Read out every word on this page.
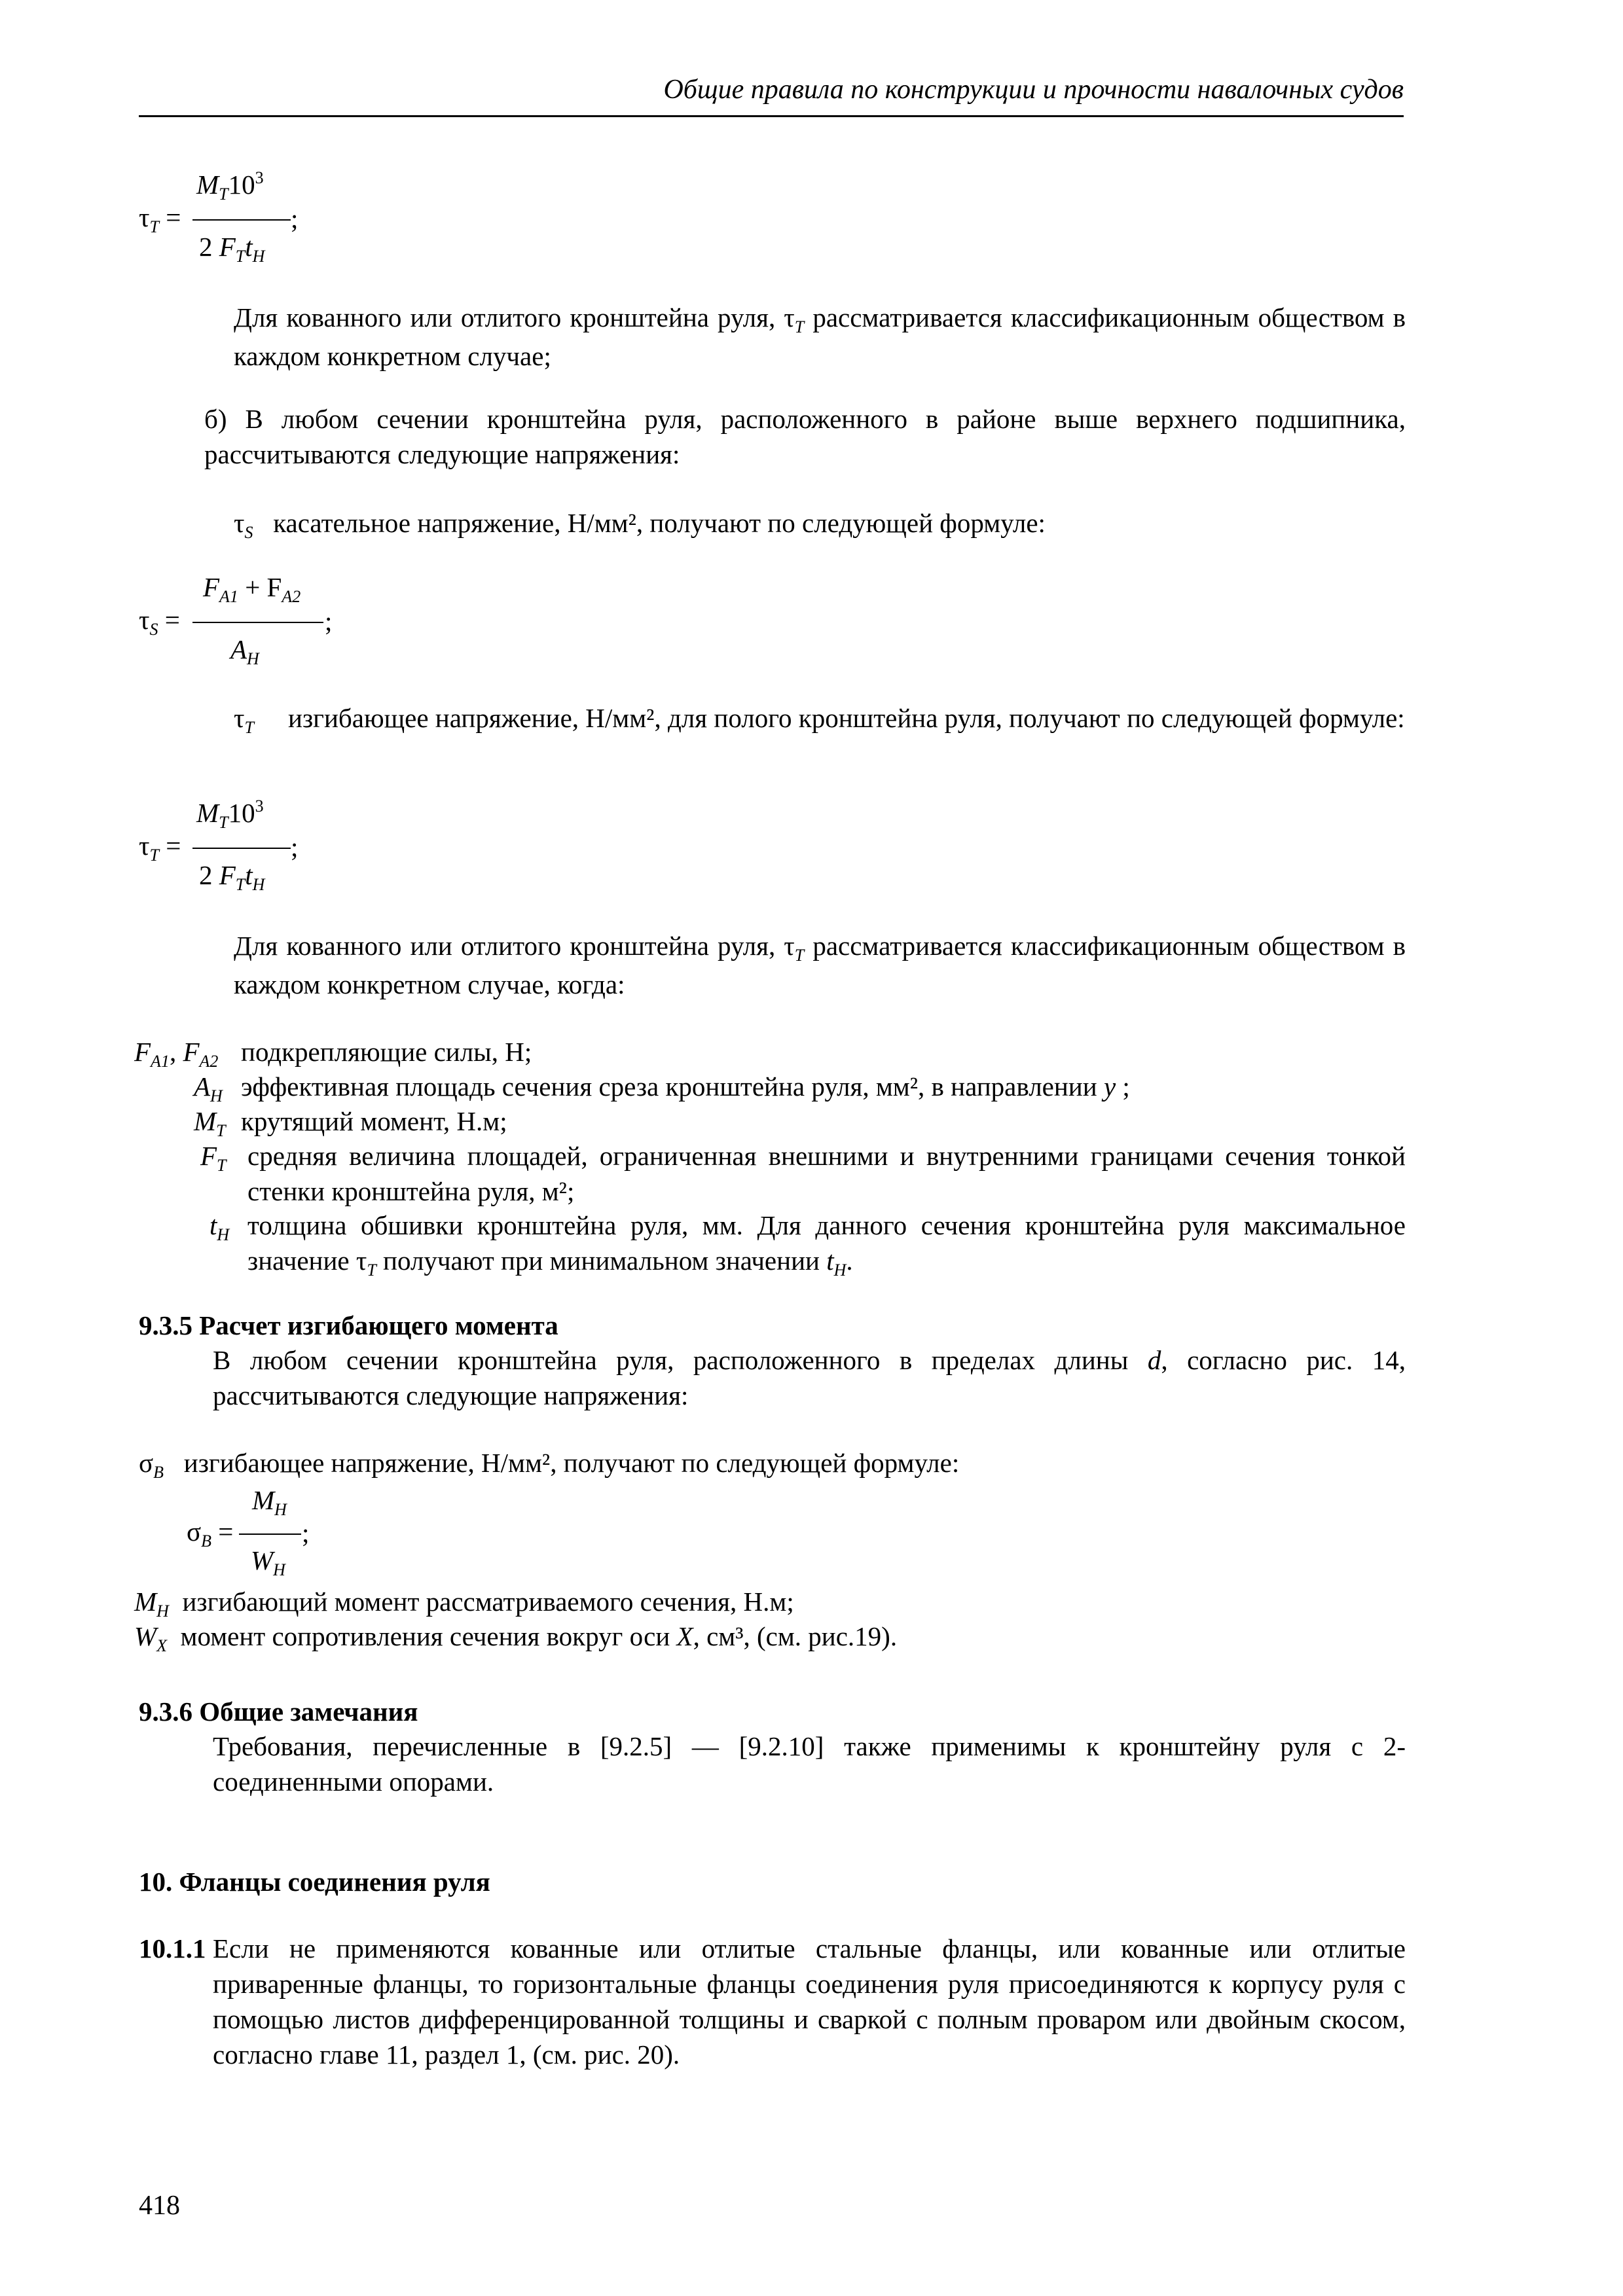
Общие правила по конструкции и прочности навалочных судов
$M_T10^3$
$\tau_T$ =	;
2 $F_Tt_H$
Для кованного или отлитого кронштейна руля, $\tau_T$ рассматривается классификационным обществом в каждом конкретном случае;
б) В любом сечении кронштейна руля, расположенного в районе выше верхнего подшипника, рассчитываются следующие напряжения:
$\tau_S$ касательное напряжение, Н/мм², получают по следующей формуле:
$F_{A1} + F_{A2}$
$\tau_S$ =	;
$A_H$
$\tau_T$ изгибающее напряжение, Н/мм², для полого кронштейна руля, получают по следующей формуле:
$M_T10^3$
$\tau_T$ =	;
2 $F_Tt_H$
Для кованного или отлитого кронштейна руля, $\tau_T$ рассматривается классификационным обществом в каждом конкретном случае, когда:
$F_{A1}$, $F_{A2}$ подкрепляющие силы, Н;
$A_H$ эффективная площадь сечения среза кронштейна руля, мм², в направлении y ;
$M_T$ крутящий момент, Н.м;
$F_T$ средняя величина площадей, ограниченная внешними и внутренними границами сечения тонкой стенки кронштейна руля, м²;
$t_H$ толщина обшивки кронштейна руля, мм. Для данного сечения кронштейна руля максимальное значение $\tau_T$ получают при минимальном значении $t_H$.
9.3.5 Расчет изгибающего момента
В любом сечении кронштейна руля, расположенного в пределах длины d, согласно рис. 14, рассчитываются следующие напряжения:
$\sigma_B$ изгибающее напряжение, Н/мм², получают по следующей формуле:
$M_H$
$\sigma_B$ =	;
$W_H$
$M_H$ изгибающий момент рассматриваемого сечения, Н.м;
$W_X$ момент сопротивления сечения вокруг оси X, см³, (см. рис.19).
9.3.6 Общие замечания
Требования, перечисленные в [9.2.5] — [9.2.10] также применимы к кронштейну руля с 2-соединенными опорами.
10. Фланцы соединения руля
10.1.1 Если не применяются кованные или отлитые стальные фланцы, или кованные или отлитые приваренные фланцы, то горизонтальные фланцы соединения руля присоединяются к корпусу руля с помощью листов дифференцированной толщины и сваркой с полным проваром или двойным скосом, согласно главе 11, раздел 1, (см. рис. 20).
418
